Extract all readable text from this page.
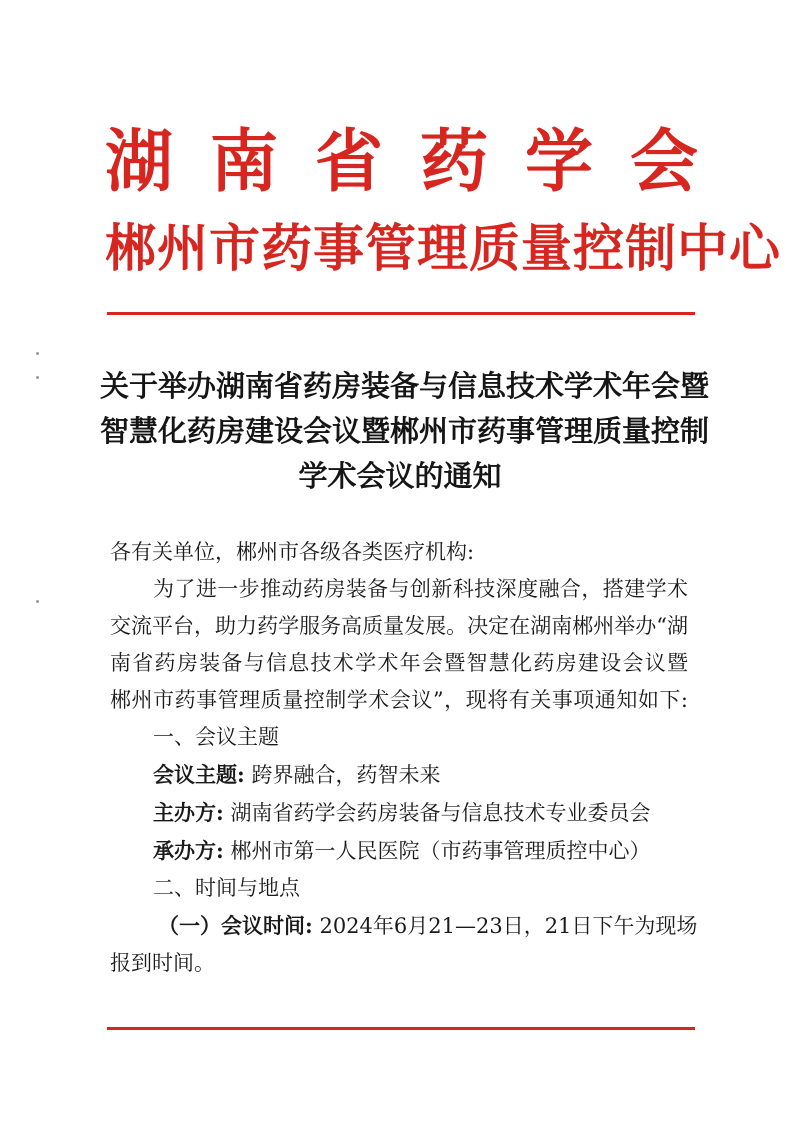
湖南省药学会
郴州市药事管理质量控制中心
关于举办湖南省药房装备与信息技术学术年会暨
智慧化药房建设会议暨郴州市药事管理质量控制
学术会议的通知
各有关单位，郴州市各级各类医疗机构:
为了进一步推动药房装备与创新科技深度融合，搭建学术
交流平台，助力药学服务高质量发展。决定在湖南郴州举办“湖
南省药房装备与信息技术学术年会暨智慧化药房建设会议暨
郴州市药事管理质量控制学术会议”，现将有关事项通知如下:
一、会议主题
会议主题: 跨界融合，药智未来
主办方: 湖南省药学会药房装备与信息技术专业委员会
承办方: 郴州市第一人民医院（市药事管理质控中心）
二、时间与地点
（一）会议时间: 2024年6月21—23日，21日下午为现场
报到时间。
